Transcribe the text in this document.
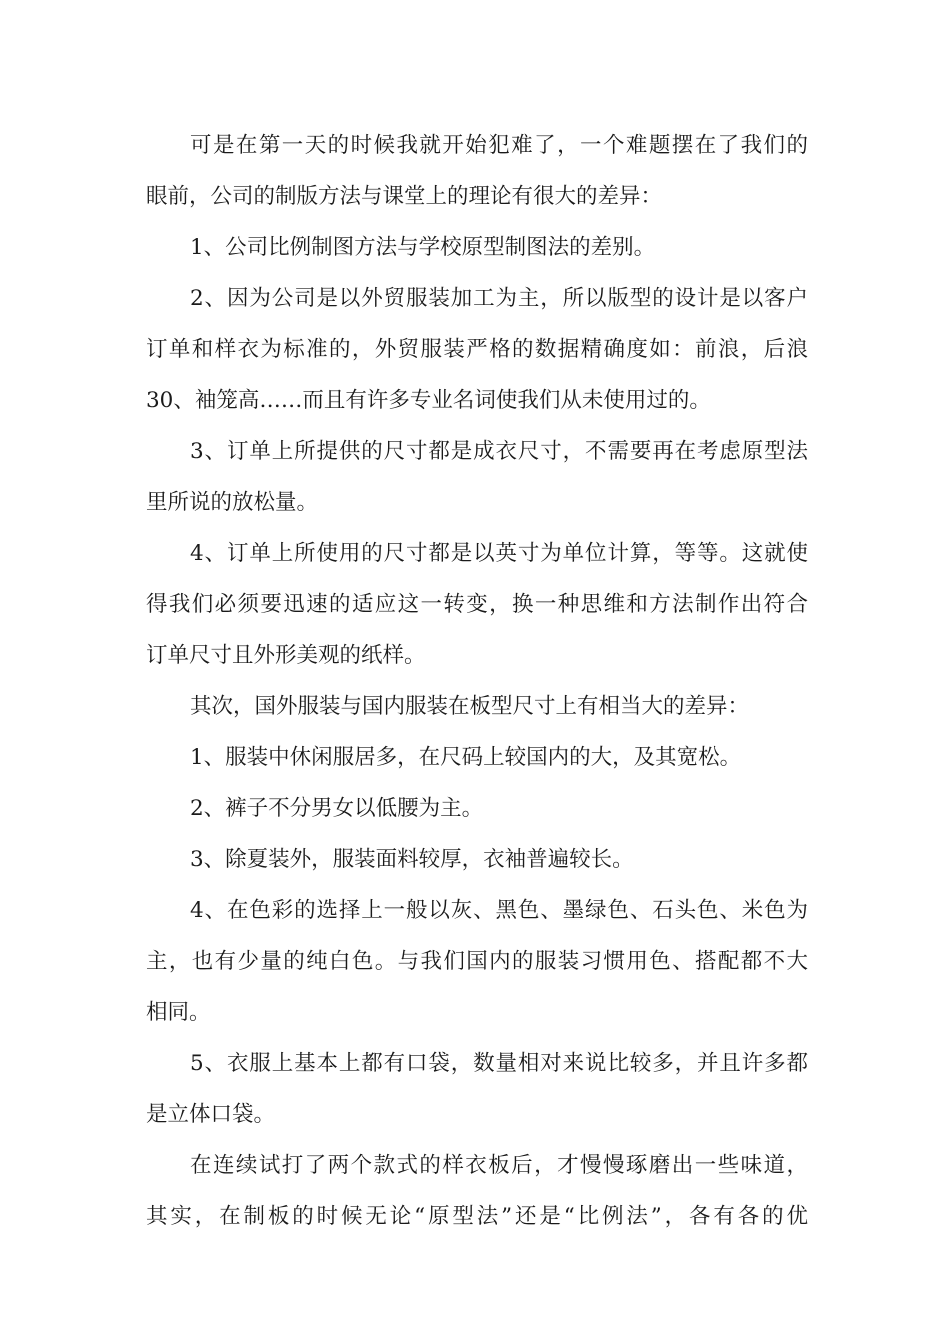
可是在第一天的时候我就开始犯难了，一个难题摆在了我们的
眼前，公司的制版方法与课堂上的理论有很大的差异：
1、公司比例制图方法与学校原型制图法的差别。
2、因为公司是以外贸服装加工为主，所以版型的设计是以客户
订单和样衣为标准的，外贸服装严格的数据精确度如：前浪，后浪
30、袖笼高……而且有许多专业名词使我们从未使用过的。
3、订单上所提供的尺寸都是成衣尺寸，不需要再在考虑原型法
里所说的放松量。
4、订单上所使用的尺寸都是以英寸为单位计算，等等。这就使
得我们必须要迅速的适应这一转变，换一种思维和方法制作出符合
订单尺寸且外形美观的纸样。
其次，国外服装与国内服装在板型尺寸上有相当大的差异：
1、服装中休闲服居多，在尺码上较国内的大，及其宽松。
2、裤子不分男女以低腰为主。
3、除夏装外，服装面料较厚，衣袖普遍较长。
4、在色彩的选择上一般以灰、黑色、墨绿色、石头色、米色为
主，也有少量的纯白色。与我们国内的服装习惯用色、搭配都不大
相同。
5、衣服上基本上都有口袋，数量相对来说比较多，并且许多都
是立体口袋。
在连续试打了两个款式的样衣板后，才慢慢琢磨出一些味道，
其实，在制板的时候无论“原型法”还是“比例法”，各有各的优
